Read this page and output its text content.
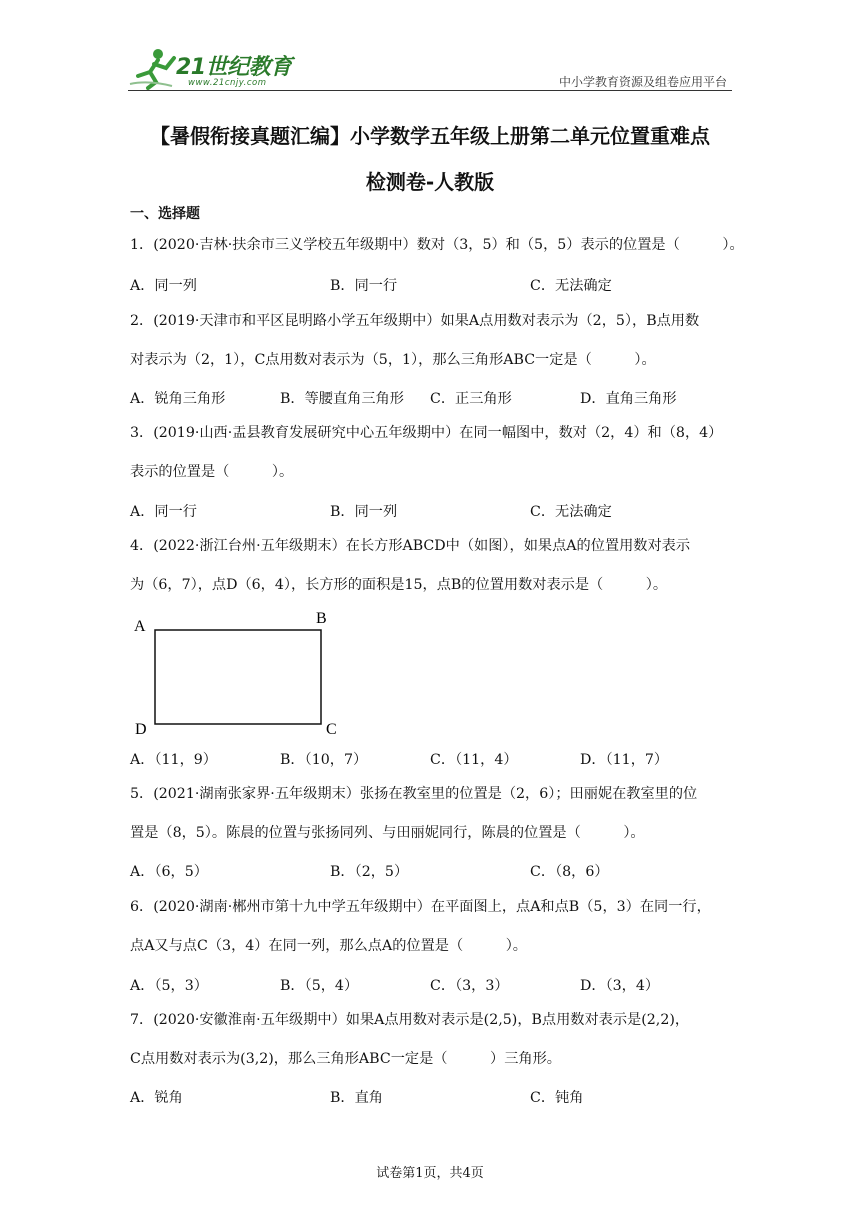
21世纪教育
www.21cnjy.com	中小学教育资源及组卷应用平台
【暑假衔接真题汇编】小学数学五年级上册第二单元位置重难点
检测卷-人教版
一、选择题
1．(2020·吉林·扶余市三义学校五年级期中）数对（3，5）和（5，5）表示的位置是（　　　）。
A．同一列	B．同一行	C．无法确定
2．(2019·天津市和平区昆明路小学五年级期中）如果A点用数对表示为（2，5），B点用数
对表示为（2，1），C点用数对表示为（5，1），那么三角形ABC一定是（　　　）。
A．锐角三角形	B．等腰直角三角形 C．正三角形	D．直角三角形
3．(2019·山西·盂县教育发展研究中心五年级期中）在同一幅图中，数对（2，4）和（8，4）
表示的位置是（　　　）。
A．同一行	B．同一列	C．无法确定
4．(2022·浙江台州·五年级期末）在长方形ABCD中（如图），如果点A的位置用数对表示
为（6，7），点D（6，4），长方形的面积是15，点B的位置用数对表示是（　　　）。
A	B
C
D
A．（11，9）	B．（10，7）	C．（11，4）	D．（11，7）
5．(2021·湖南张家界·五年级期末）张扬在教室里的位置是（2，6）；田丽妮在教室里的位
置是（8，5）。陈晨的位置与张扬同列、与田丽妮同行，陈晨的位置是（　　　）。
A．（6，5）	B．（2，5）	C．（8，6）
6．(2020·湖南·郴州市第十九中学五年级期中）在平面图上，点A和点B（5，3）在同一行，
点A又与点C（3，4）在同一列，那么点A的位置是（　　　）。
A．（5，3）	B．（5，4）	C．（3，3）	D．（3，4）
7．(2020·安徽淮南·五年级期中）如果A点用数对表示是(2,5)，B点用数对表示是(2,2)，
C点用数对表示为(3,2)，那么三角形ABC一定是（　　　）三角形。
A．锐角	B．直角	C．钝角
试卷第1页，共4页
